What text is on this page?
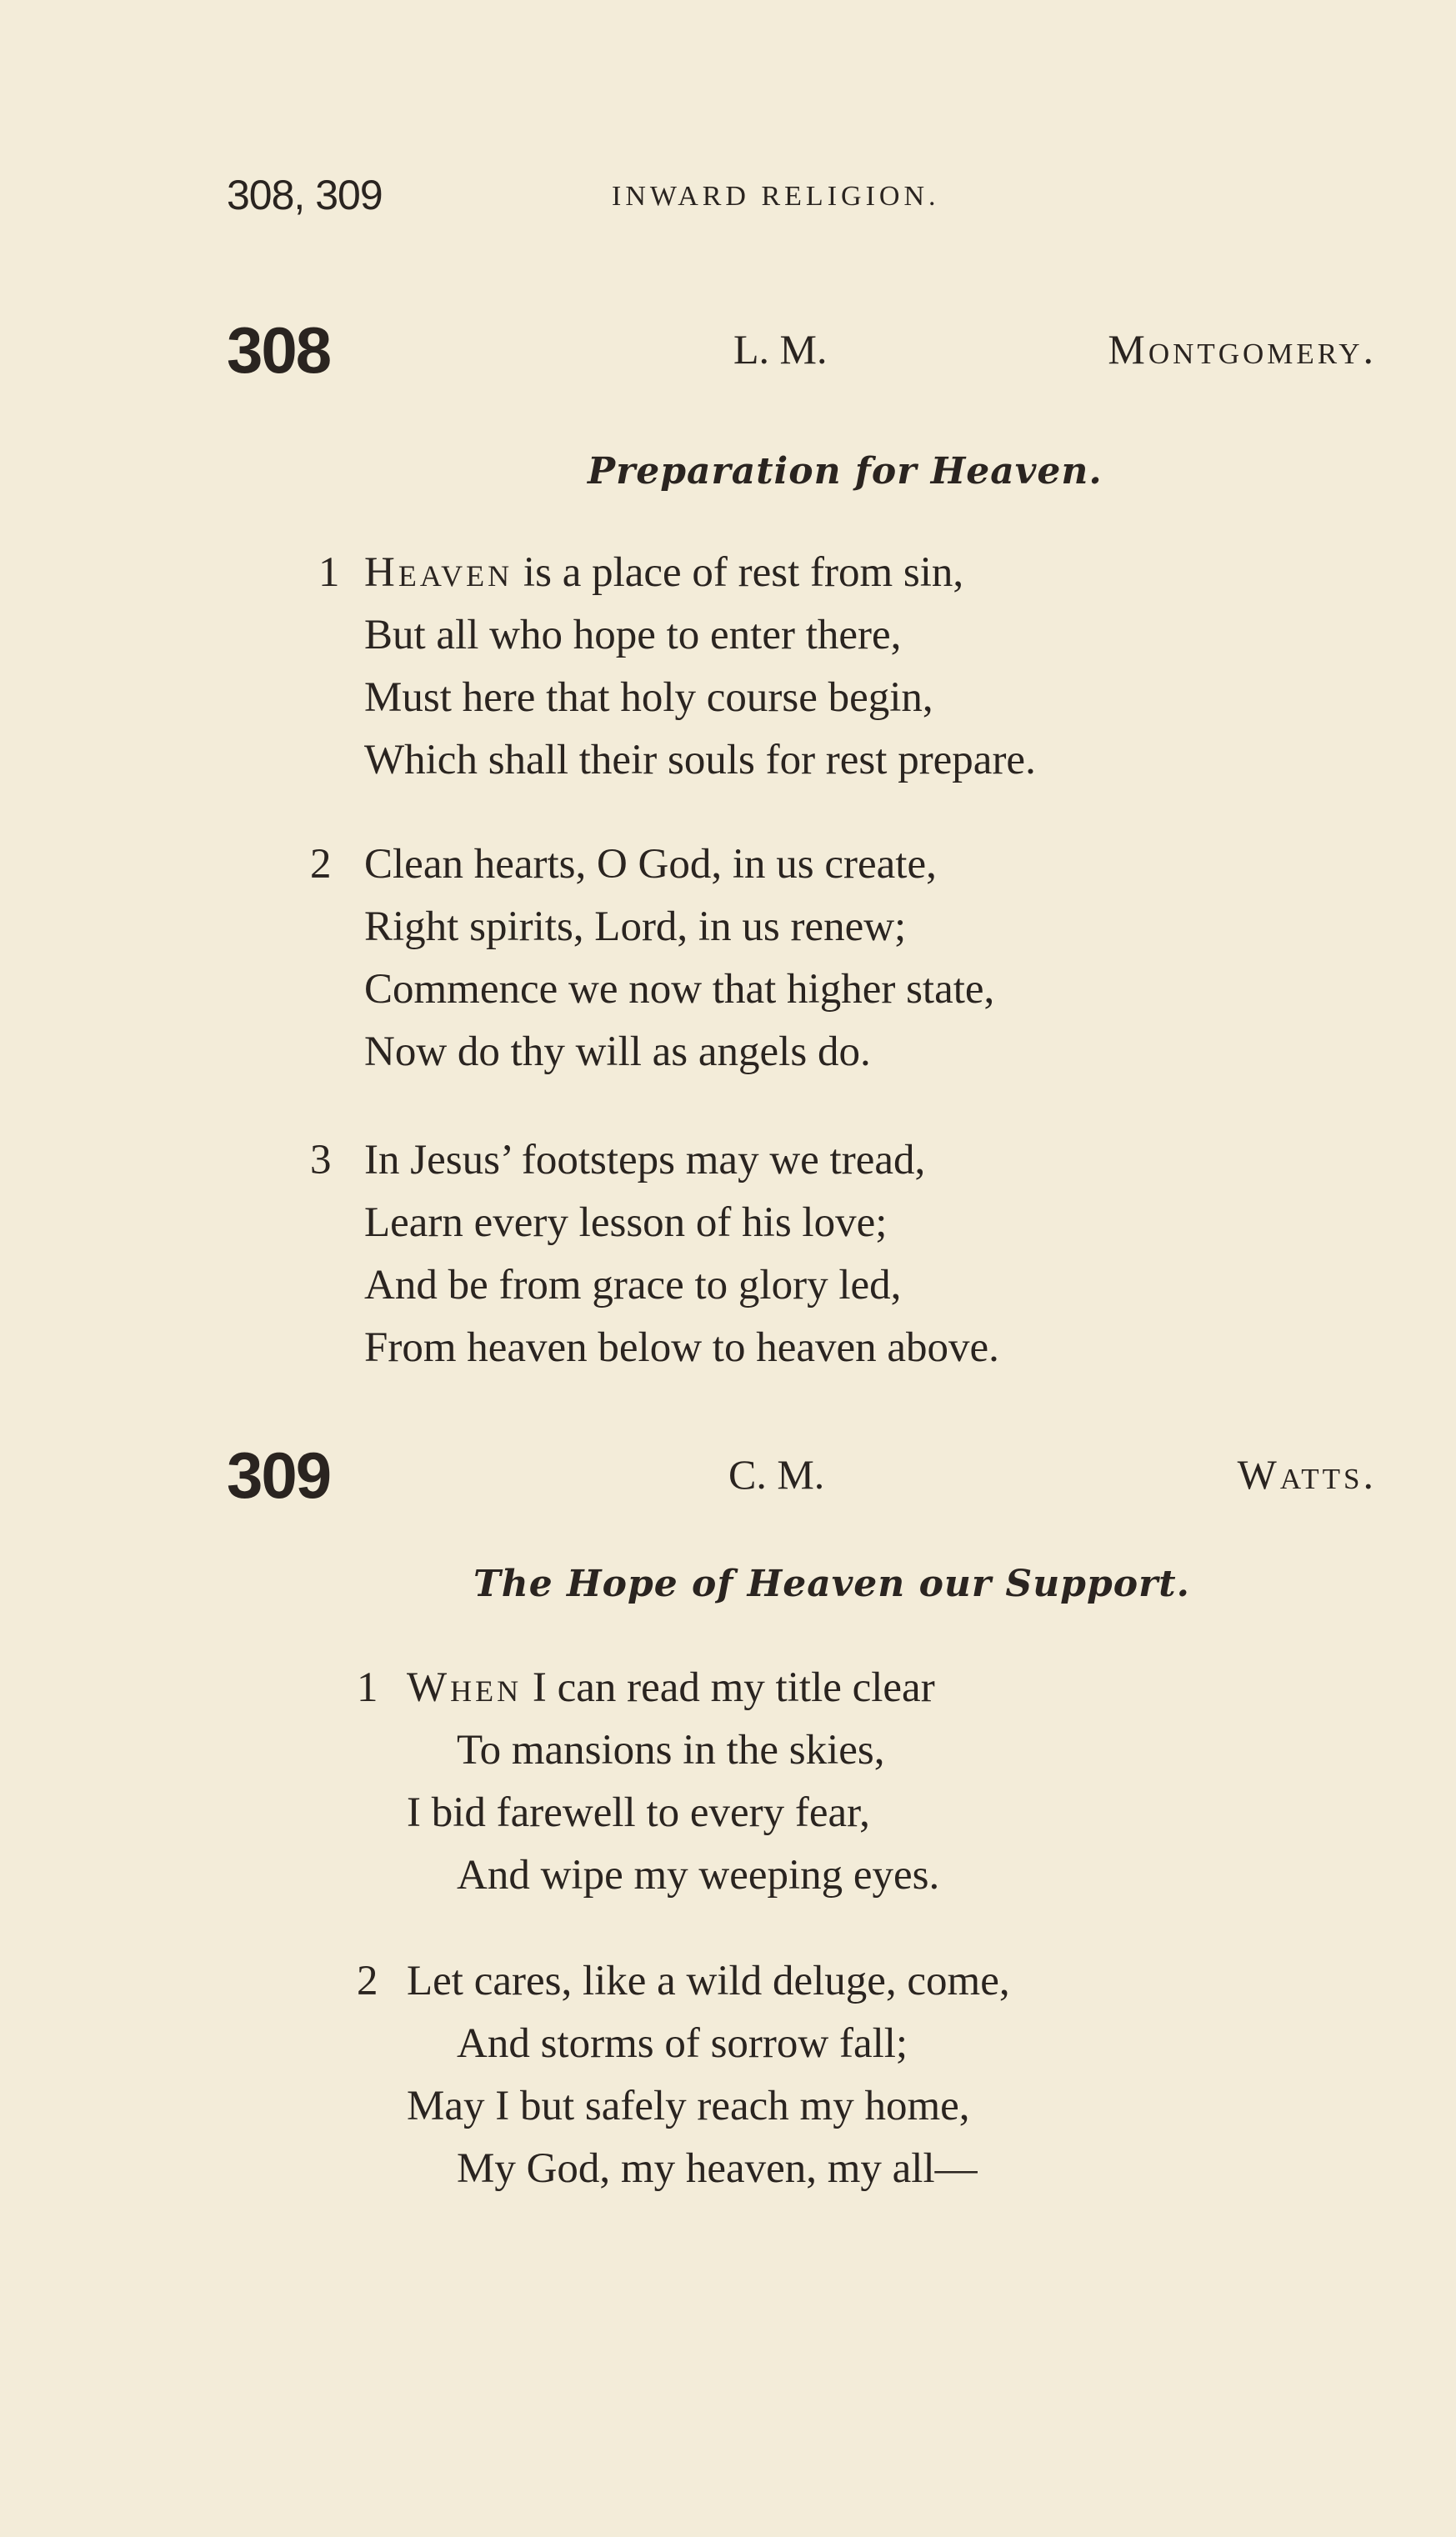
308, 309	INWARD RELIGION.
308	L. M.	Montgomery.
Preparation for Heaven.
1 Heaven is a place of rest from sin,
But all who hope to enter there,
Must here that holy course begin,
Which shall their souls for rest prepare.
2 Clean hearts, O God, in us create,
Right spirits, Lord, in us renew;
Commence we now that higher state,
Now do thy will as angels do.
3 In Jesus’ footsteps may we tread,
Learn every lesson of his love;
And be from grace to glory led,
From heaven below to heaven above.
309	C. M.	Watts.
The Hope of Heaven our Support.
1 When I can read my title clear
To mansions in the skies,
I bid farewell to every fear,
And wipe my weeping eyes.
2 Let cares, like a wild deluge, come,
And storms of sorrow fall;
May I but safely reach my home,
My God, my heaven, my all—
